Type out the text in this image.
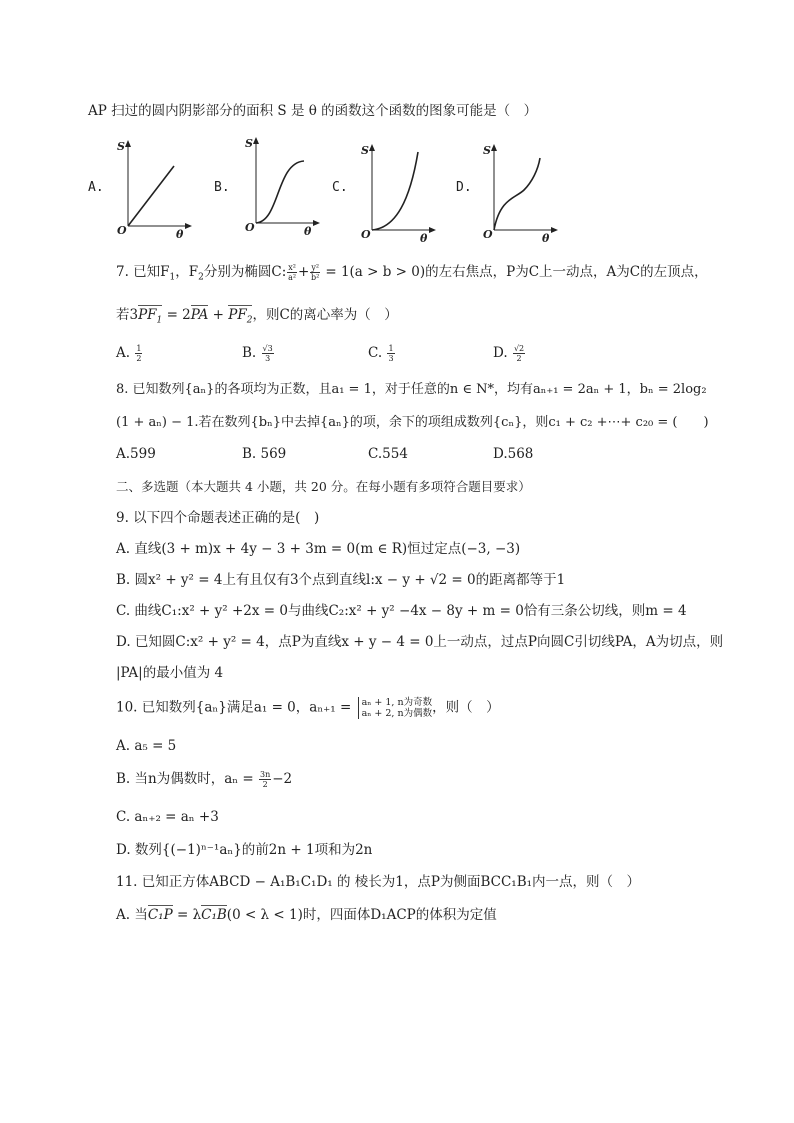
AP 扫过的圆内阴影部分的面积 S 是 θ 的函数这个函数的图象可能是（　）
A.
S
O	θ
B.
S
O	θ
C.
S
O	θ
D.
S
O	θ
7. 已知$F_1$，$F_2$分别为椭圆C: $\frac{\text{x²}}{\text{a²}} + \frac{\text{y²}}{\text{b²}} = 1(a > b > 0)$的左右焦点，P为C上一动点，A为C的左顶点，
若$3PF_1 = 2PA + PF_2$，则C的离心率为（　）
A. $\frac{1}{2}$	B. $\frac{√3}{3}$	C. $\frac{1}{3}$	D. $\frac{√2}{2}$
8. 已知数列{aₙ}的各项均为正数，且a₁ = 1，对于任意的n ∈ N*，均有aₙ₊₁ = 2aₙ + 1，bₙ = 2log₂
(1 + aₙ) − 1.若在数列{bₙ}中去掉{aₙ}的项，余下的项组成数列{cₙ}，则c₁ + c₂ +⋯+ c₂₀ = (　　)
A.599	B. 569	C.554	D.568
二、多选题（本大题共 4 小题，共 20 分。在每小题有多项符合题目要求）
9. 以下四个命题表述正确的是(　)
A. 直线(3 + m)x + 4y − 3 + 3m = 0(m ∈ R)恒过定点(−3, −3)
B. 圆x² + y² = 4上有且仅有3个点到直线l:x − y + √2 = 0的距离都等于1
C. 曲线C₁:x² + y² +2x = 0与曲线C₂:x² + y² −4x − 8y + m = 0恰有三条公切线，则m = 4
D. 已知圆C:x² + y² = 4，点P为直线x + y − 4 = 0上一动点，过点P向圆C引切线PA，A为切点，则
|PA|的最小值为 4
10. 已知数列{aₙ}满足a₁ = 0，aₙ₊₁ = aₙ + 1, n为奇数
aₙ + 2, n为偶数 ，则（　）
A. a₅ = 5
B. 当n为偶数时，$a_n = \frac{3n}{2} -2$
C. aₙ₊₂ = aₙ +3
D. 数列{(−1)ⁿ⁻¹aₙ}的前2n + 1项和为2n
11. 已知正方体ABCD − A₁B₁C₁D₁ 的 棱长为1，点P为侧面BCC₁B₁内一点，则（　）
A. 当C₁P = λC₁B(0 < λ < 1)时，四面体D₁ACP的体积为定值
